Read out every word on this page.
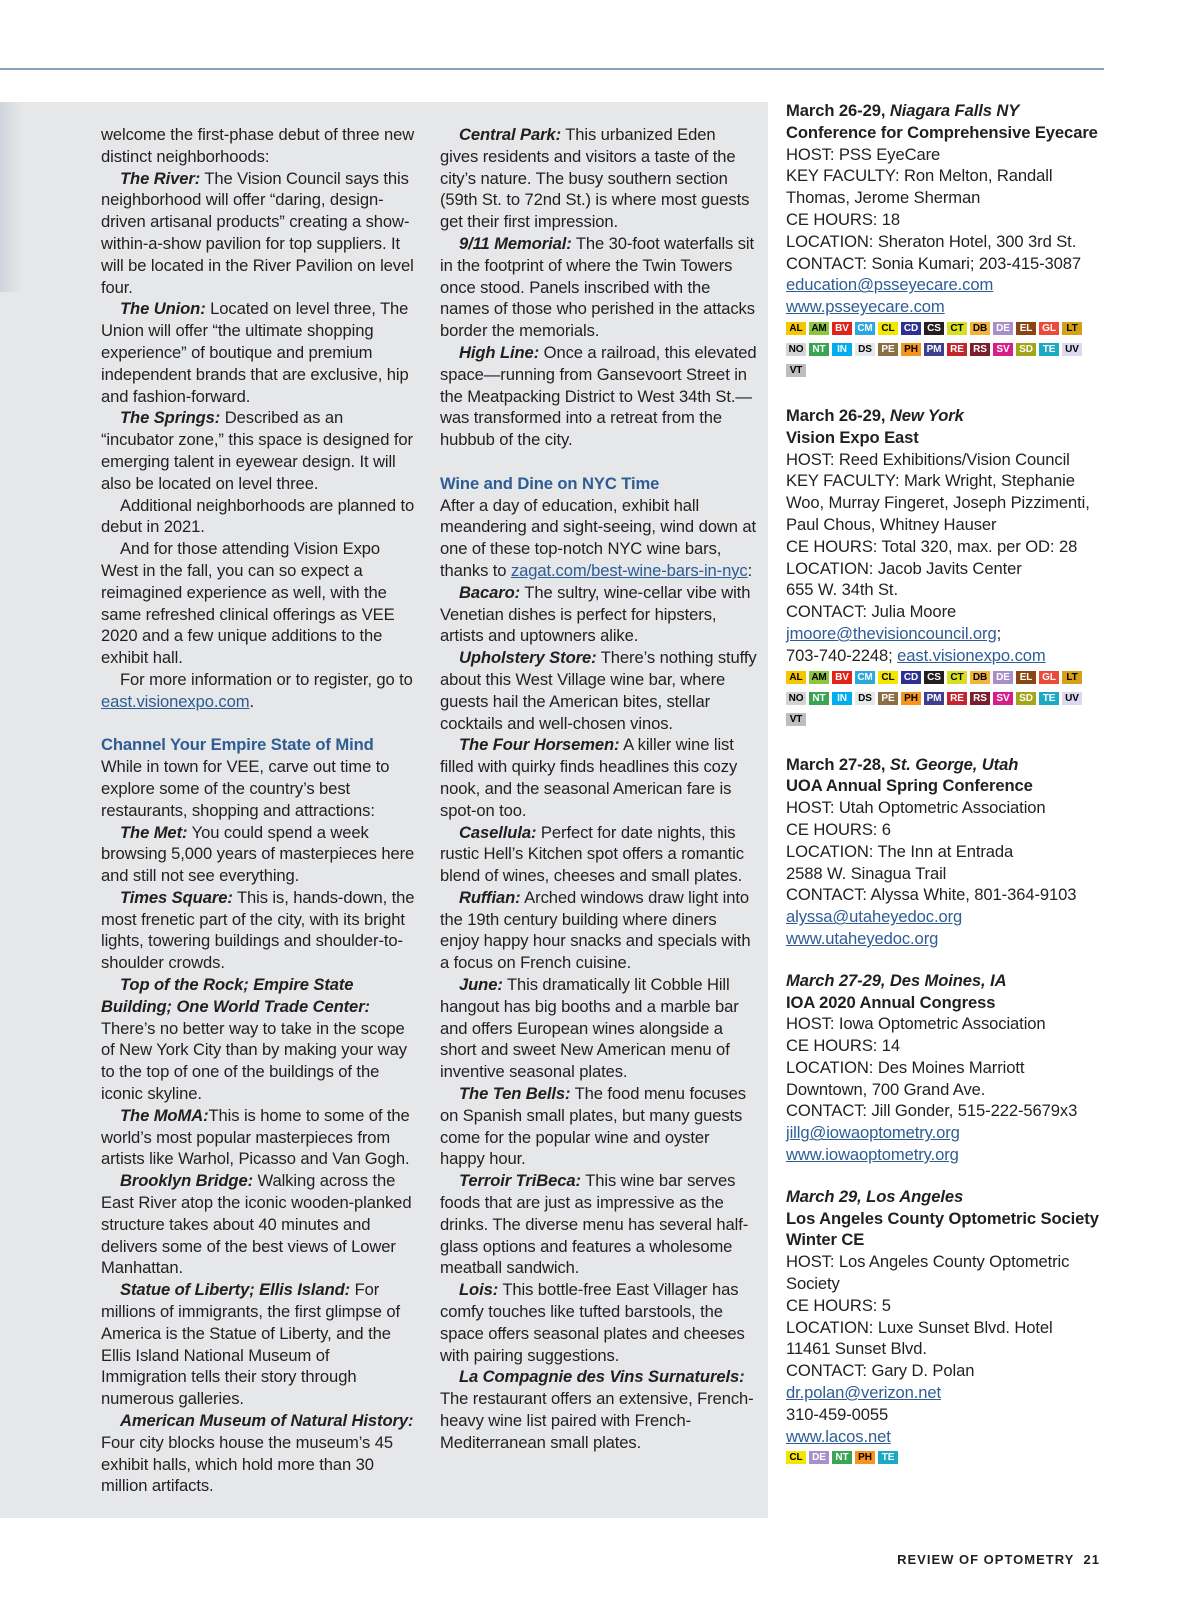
welcome the first-phase debut of three new distinct neighborhoods:

The River: The Vision Council says this neighborhood will offer “daring, design-driven artisanal products” creating a show-within-a-show pavilion for top suppliers. It will be located in the River Pavilion on level four.

The Union: Located on level three, The Union will offer “the ultimate shopping experience” of boutique and premium independent brands that are exclusive, hip and fashion-forward.

The Springs: Described as an “incubator zone,” this space is designed for emerging talent in eyewear design. It will also be located on level three.

Additional neighborhoods are planned to debut in 2021.

And for those attending Vision Expo West in the fall, you can so expect a reimagined experience as well, with the same refreshed clinical offerings as VEE 2020 and a few unique additions to the exhibit hall.

For more information or to register, go to east.visionexpo.com.

Channel Your Empire State of Mind

While in town for VEE, carve out time to explore some of the country’s best restaurants, shopping and attractions:

The Met: You could spend a week browsing 5,000 years of masterpieces here and still not see everything.

Times Square: This is, hands-down, the most frenetic part of the city, with its bright lights, towering buildings and shoulder-to-shoulder crowds.

Top of the Rock; Empire State Building; One World Trade Center: There’s no better way to take in the scope of New York City than by making your way to the top of one of the buildings of the iconic skyline.

The MoMA:This is home to some of the world’s most popular masterpieces from artists like Warhol, Picasso and Van Gogh.

Brooklyn Bridge: Walking across the East River atop the iconic wooden-planked structure takes about 40 minutes and delivers some of the best views of Lower Manhattan.

Statue of Liberty; Ellis Island: For millions of immigrants, the first glimpse of America is the Statue of Liberty, and the Ellis Island National Museum of Immigration tells their story through numerous galleries.

American Museum of Natural History: Four city blocks house the museum’s 45 exhibit halls, which hold more than 30 million artifacts.

Central Park: This urbanized Eden gives residents and visitors a taste of the city’s nature. The busy southern section (59th St. to 72nd St.) is where most guests get their first impression.

9/11 Memorial: The 30-foot waterfalls sit in the footprint of where the Twin Towers once stood. Panels inscribed with the names of those who perished in the attacks border the memorials.

High Line: Once a railroad, this elevated space—running from Gansevoort Street in the Meatpacking District to West 34th St.—was transformed into a retreat from the hubbub of the city.

Wine and Dine on NYC Time

After a day of education, exhibit hall meandering and sight-seeing, wind down at one of these top-notch NYC wine bars, thanks to zagat.com/best-wine-bars-in-nyc:

Bacaro: The sultry, wine-cellar vibe with Venetian dishes is perfect for hipsters, artists and uptowners alike.

Upholstery Store: There’s nothing stuffy about this West Village wine bar, where guests hail the American bites, stellar cocktails and well-chosen vinos.

The Four Horsemen: A killer wine list filled with quirky finds headlines this cozy nook, and the seasonal American fare is spot-on too.

Casellula: Perfect for date nights, this rustic Hell’s Kitchen spot offers a romantic blend of wines, cheeses and small plates.

Ruffian: Arched windows draw light into the 19th century building where diners enjoy happy hour snacks and specials with a focus on French cuisine.

June: This dramatically lit Cobble Hill hangout has big booths and a marble bar and offers European wines alongside a short and sweet New American menu of inventive seasonal plates.

The Ten Bells: The food menu focuses on Spanish small plates, but many guests come for the popular wine and oyster happy hour.

Terroir TriBeca: This wine bar serves foods that are just as impressive as the drinks. The diverse menu has several half-glass options and features a wholesome meatball sandwich.

Lois: This bottle-free East Villager has comfy touches like tufted barstools, the space offers seasonal plates and cheeses with pairing suggestions.

La Compagnie des Vins Surnaturels: The restaurant offers an extensive, French-heavy wine list paired with French-Mediterranean small plates.

March 26-29, Niagara Falls NY

Conference for Comprehensive Eyecare

HOST: PSS EyeCare

KEY FACULTY: Ron Melton, Randall Thomas, Jerome Sherman

CE HOURS: 18

LOCATION: Sheraton Hotel, 300 3rd St.

CONTACT: Sonia Kumari; 203-415-3087

education@psseyecare.com

www.psseyecare.com

AL AM BV CM CL CD CS CT DB DE EL GL	LT
NO NT	IN	DS PE PH PM RE RS SV SD TE UV
VT

March 26-29, New York

Vision Expo East

HOST: Reed Exhibitions/Vision Council

KEY FACULTY: Mark Wright, Stephanie Woo, Murray Fingeret, Joseph Pizzimenti, Paul Chous, Whitney Hauser

CE HOURS: Total 320, max. per OD: 28

LOCATION: Jacob Javits Center

655 W. 34th St.

CONTACT: Julia Moore

jmoore@thevisioncouncil.org;

703-740-2248; east.visionexpo.com

AL AM BV CM CL CD CS CT DB DE EL GL	LT
NO NT	IN	DS PE PH PM RE RS SV SD TE UV
VT

March 27-28, St. George, Utah

UOA Annual Spring Conference

HOST: Utah Optometric Association

CE HOURS: 6

LOCATION: The Inn at Entrada

2588 W. Sinagua Trail

CONTACT: Alyssa White, 801-364-9103

alyssa@utaheyedoc.org

www.utaheyedoc.org

March 27-29, Des Moines, IA

IOA 2020 Annual Congress

HOST: Iowa Optometric Association

CE HOURS: 14

LOCATION: Des Moines Marriott Downtown, 700 Grand Ave.

CONTACT: Jill Gonder, 515-222-5679x3

jillg@iowaoptometry.org

www.iowaoptometry.org

March 29, Los Angeles

Los Angeles County Optometric Society Winter CE

HOST: Los Angeles County Optometric Society

CE HOURS: 5

LOCATION: Luxe Sunset Blvd. Hotel

11461 Sunset Blvd.

CONTACT: Gary D. Polan

dr.polan@verizon.net

310-459-0055

www.lacos.net

CL DE NT PH TE
REVIEW OF OPTOMETRY 21
